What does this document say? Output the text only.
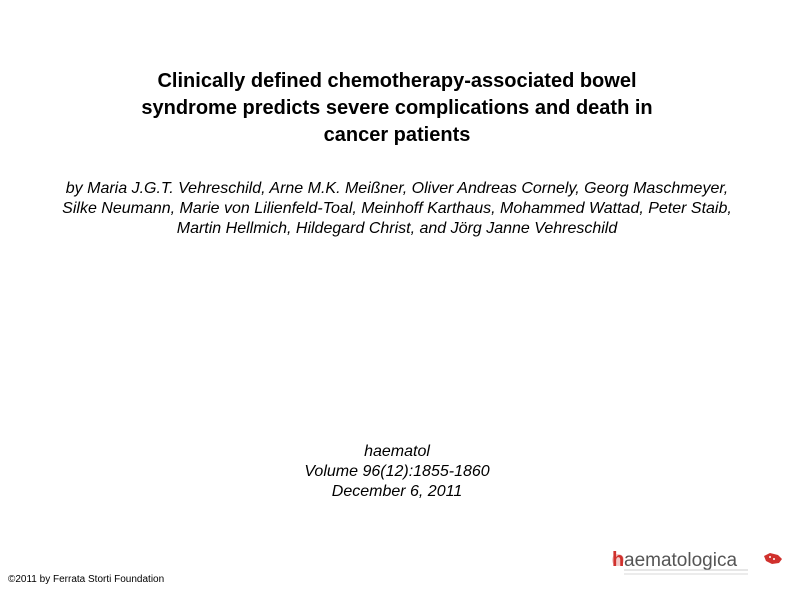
Clinically defined chemotherapy-associated bowel
syndrome predicts severe complications and death in
cancer patients

by Maria J.G.T. Vehreschild, Arne M.K. Meißner, Oliver Andreas Cornely, Georg Maschmeyer, Silke Neumann, Marie von Lilienfeld-Toal, Meinhoff Karthaus, Mohammed Wattad, Peter Staib, Martin Hellmich, Hildegard Christ, and Jörg Janne Vehreschild

haematol
Volume 96(12):1855-1860
December 6, 2011
©2011 by Ferrata Storti Foundation
h aematologica
